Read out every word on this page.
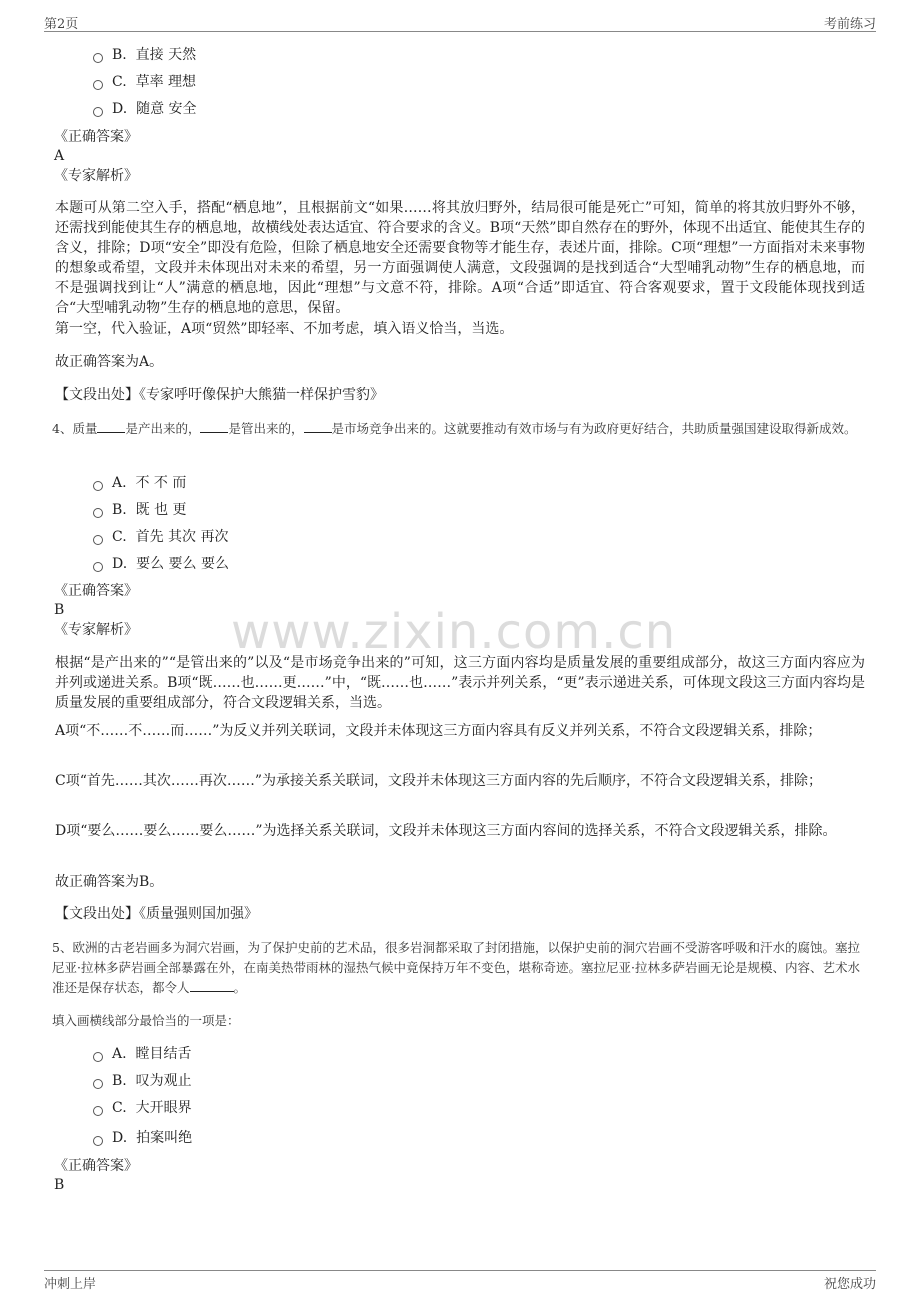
第2页	考前练习
www.zixin.com.cn
B. 直接 天然
C. 草率 理想
D. 随意 安全
《正确答案》
A
《专家解析》
本题可从第二空入手，搭配“栖息地”，且根据前文“如果……将其放归野外，结局很可能是死亡”可知，简单的将其放归野外不够，还需找到能使其生存的栖息地，故横线处表达适宜、符合要求的含义。B项“天然”即自然存在的野外，体现不出适宜、能使其生存的含义，排除；D项“安全”即没有危险，但除了栖息地安全还需要食物等才能生存，表述片面，排除。C项“理想”一方面指对未来事物的想象或希望，文段并未体现出对未来的希望，另一方面强调使人满意，文段强调的是找到适合“大型哺乳动物”生存的栖息地，而不是强调找到让“人”满意的栖息地，因此“理想”与文意不符，排除。A项“合适”即适宜、符合客观要求，置于文段能体现找到适合“大型哺乳动物”生存的栖息地的意思，保留。
第一空，代入验证，A项“贸然”即轻率、不加考虑，填入语义恰当，当选。
故正确答案为A。
【文段出处】《专家呼吁像保护大熊猫一样保护雪豹》
4、质量 是产出来的， 是管出来的， 是市场竞争出来的。这就要推动有效市场与有为政府更好结合，共助质量强国建设取得新成效。
A. 不 不 而
B. 既 也 更
C. 首先 其次 再次
D. 要么 要么 要么
《正确答案》
B
《专家解析》
根据“是产出来的”“是管出来的”以及“是市场竞争出来的”可知，这三方面内容均是质量发展的重要组成部分，故这三方面内容应为并列或递进关系。B项“既……也……更……”中，“既……也……”表示并列关系，“更”表示递进关系，可体现文段这三方面内容均是质量发展的重要组成部分，符合文段逻辑关系，当选。
A项“不……不……而……”为反义并列关联词，文段并未体现这三方面内容具有反义并列关系，不符合文段逻辑关系，排除；
C项“首先……其次……再次……”为承接关系关联词，文段并未体现这三方面内容的先后顺序，不符合文段逻辑关系，排除；
D项“要么……要么……要么……”为选择关系关联词，文段并未体现这三方面内容间的选择关系，不符合文段逻辑关系，排除。
故正确答案为B。
【文段出处】《质量强则国加强》
5、欧洲的古老岩画多为洞穴岩画，为了保护史前的艺术品，很多岩洞都采取了封闭措施，以保护史前的洞穴岩画不受游客呼吸和汗水的腐蚀。塞拉尼亚·拉林多萨岩画全部暴露在外，在南美热带雨林的湿热气候中竟保持万年不变色，堪称奇迹。塞拉尼亚·拉林多萨岩画无论是规模、内容、艺术水准还是保存状态，都令人	。
填入画横线部分最恰当的一项是：
A. 瞠目结舌
B. 叹为观止
C. 大开眼界
D. 拍案叫绝
《正确答案》
B
冲刺上岸	祝您成功
